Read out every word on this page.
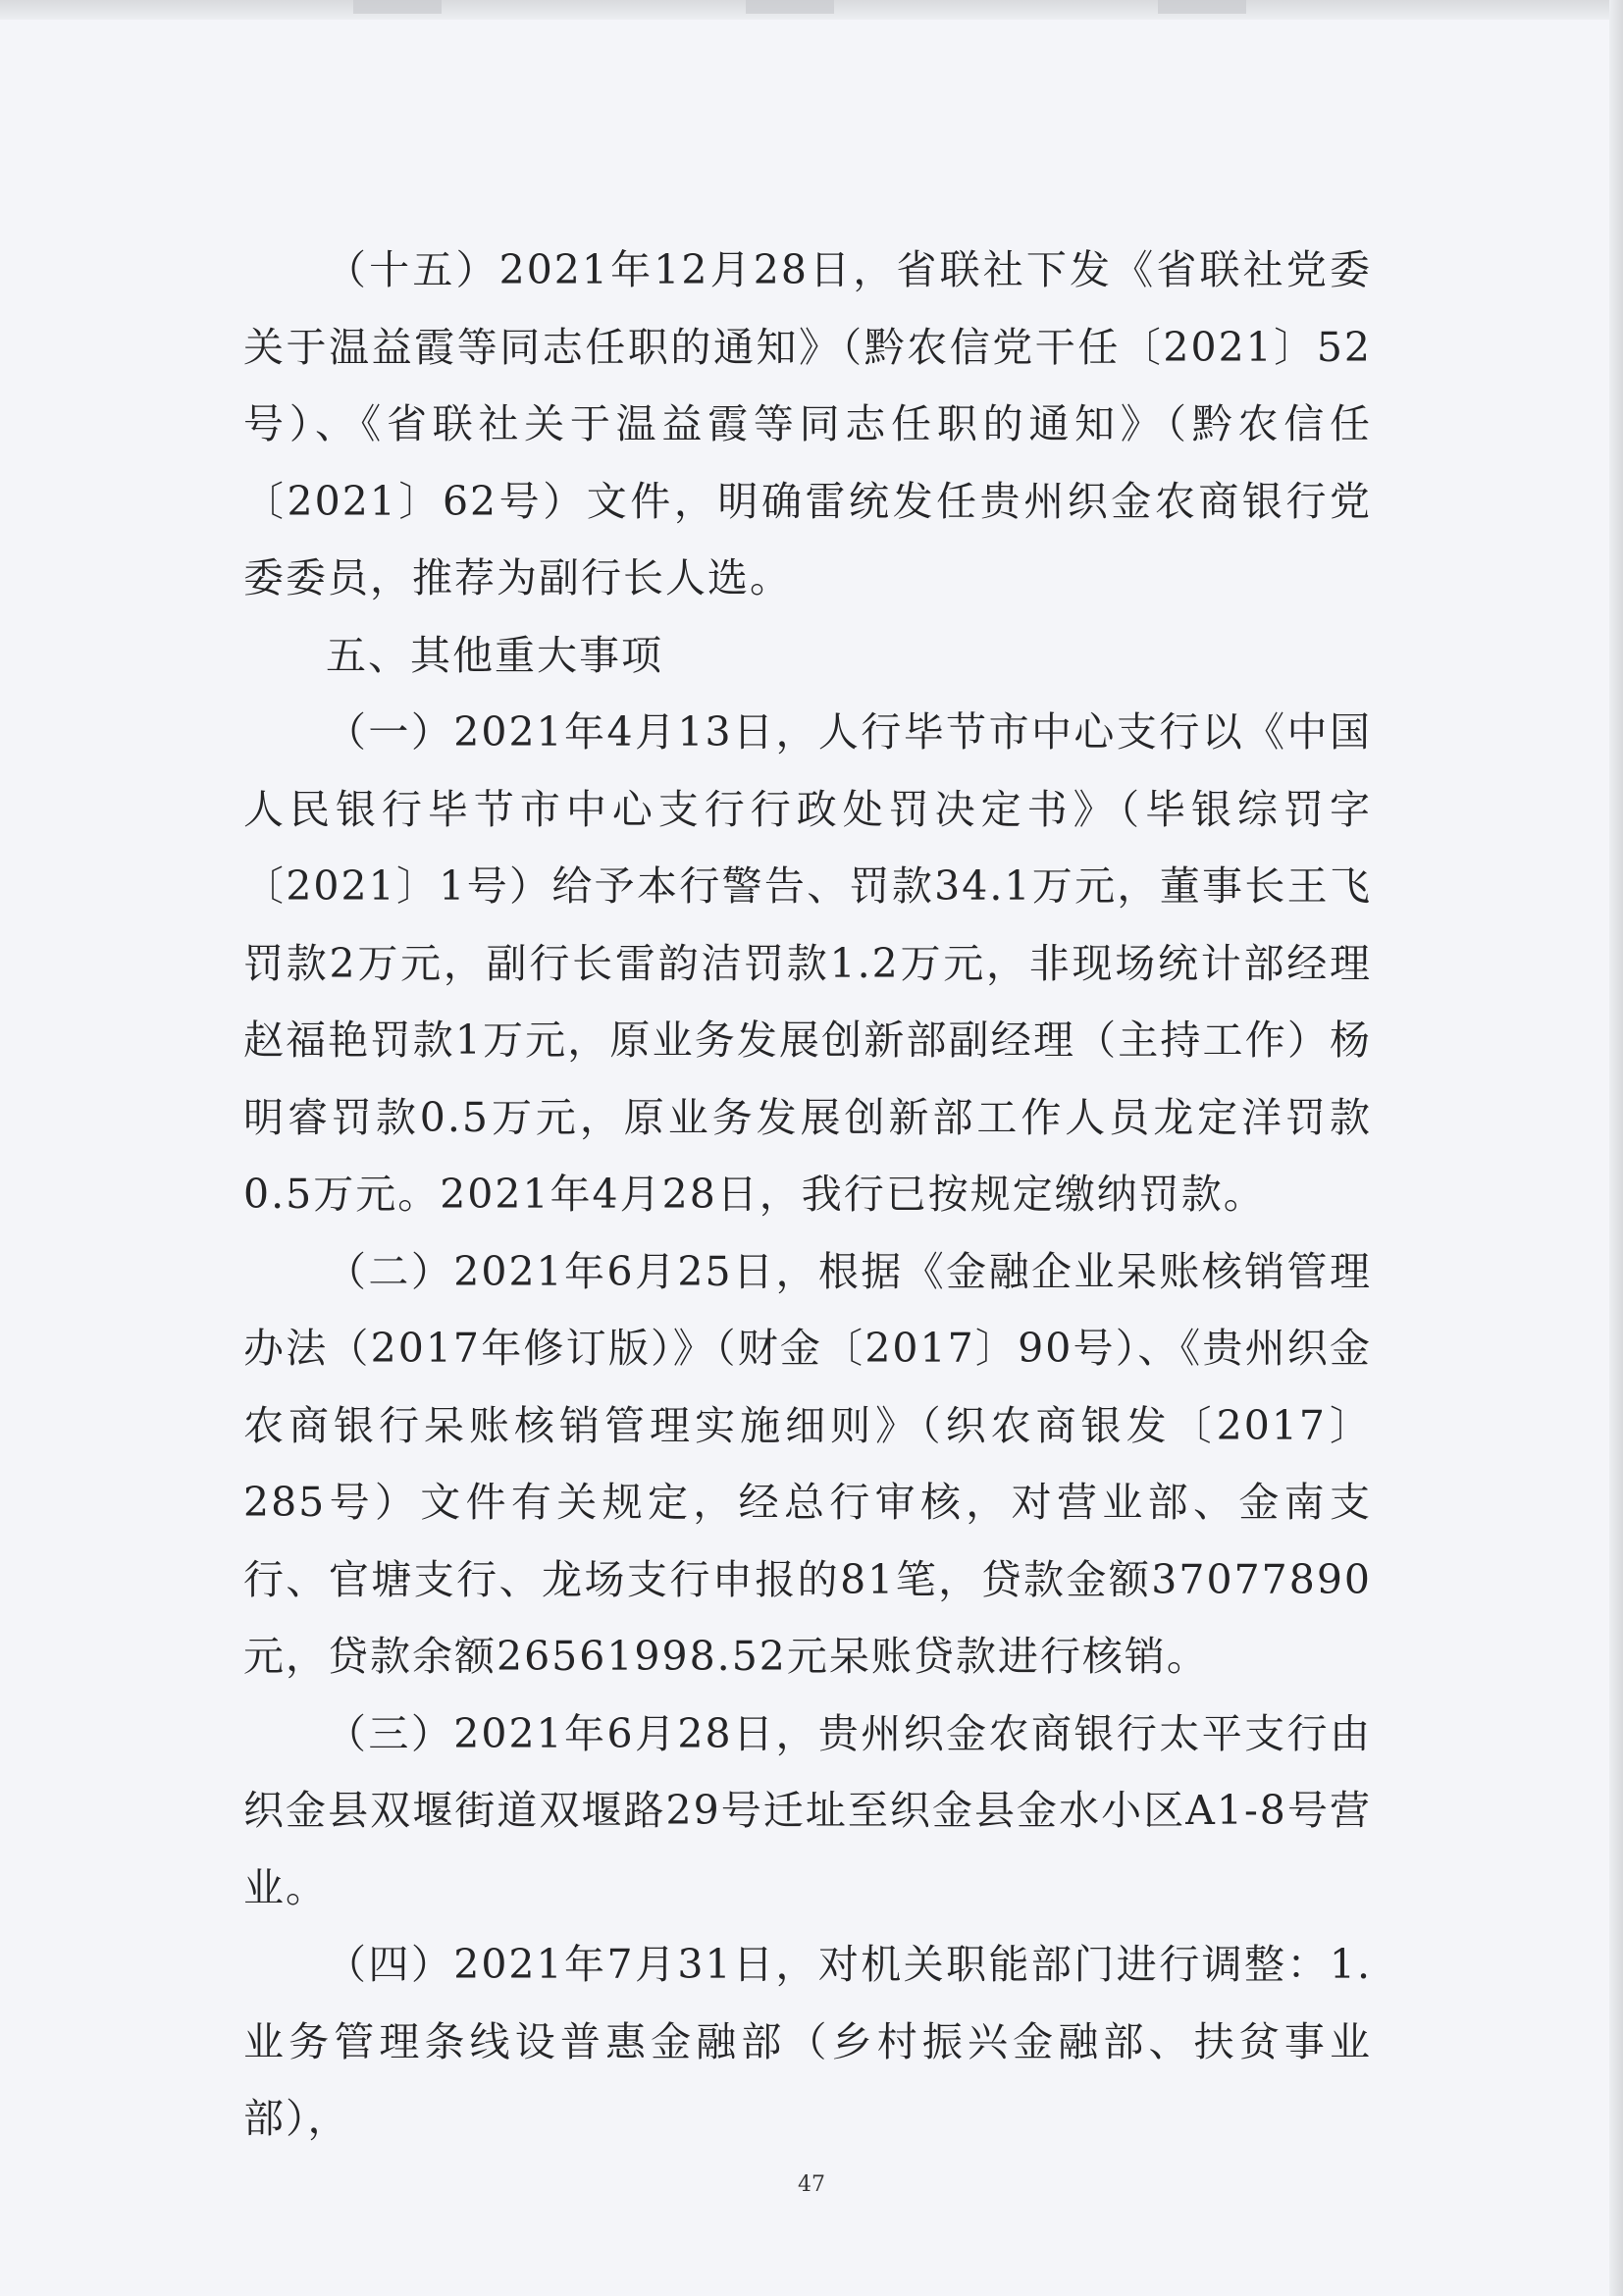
（十五）2021年12月28日，省联社下发《省联社党委关于温益霞等同志任职的通知》（黔农信党干任〔2021〕52号）、《省联社关于温益霞等同志任职的通知》（黔农信任〔2021〕62号）文件，明确雷统发任贵州织金农商银行党委委员，推荐为副行长人选。

五、其他重大事项

（一）2021年4月13日，人行毕节市中心支行以《中国人民银行毕节市中心支行行政处罚决定书》（毕银综罚字〔2021〕1号）给予本行警告、罚款34.1万元，董事长王飞罚款2万元，副行长雷韵洁罚款1.2万元，非现场统计部经理赵福艳罚款1万元，原业务发展创新部副经理（主持工作）杨明睿罚款0.5万元，原业务发展创新部工作人员龙定洋罚款0.5万元。2021年4月28日，我行已按规定缴纳罚款。

（二）2021年6月25日，根据《金融企业呆账核销管理办法（2017年修订版）》（财金〔2017〕90号）、《贵州织金农商银行呆账核销管理实施细则》（织农商银发〔2017〕285号）文件有关规定，经总行审核，对营业部、金南支行、官塘支行、龙场支行申报的81笔，贷款金额37077890元，贷款余额26561998.52元呆账贷款进行核销。

（三）2021年6月28日，贵州织金农商银行太平支行由织金县双堰街道双堰路29号迁址至织金县金水小区A1-8号营业。

（四）2021年7月31日，对机关职能部门进行调整：1.业务管理条线设普惠金融部（乡村振兴金融部、扶贫事业部），

47
